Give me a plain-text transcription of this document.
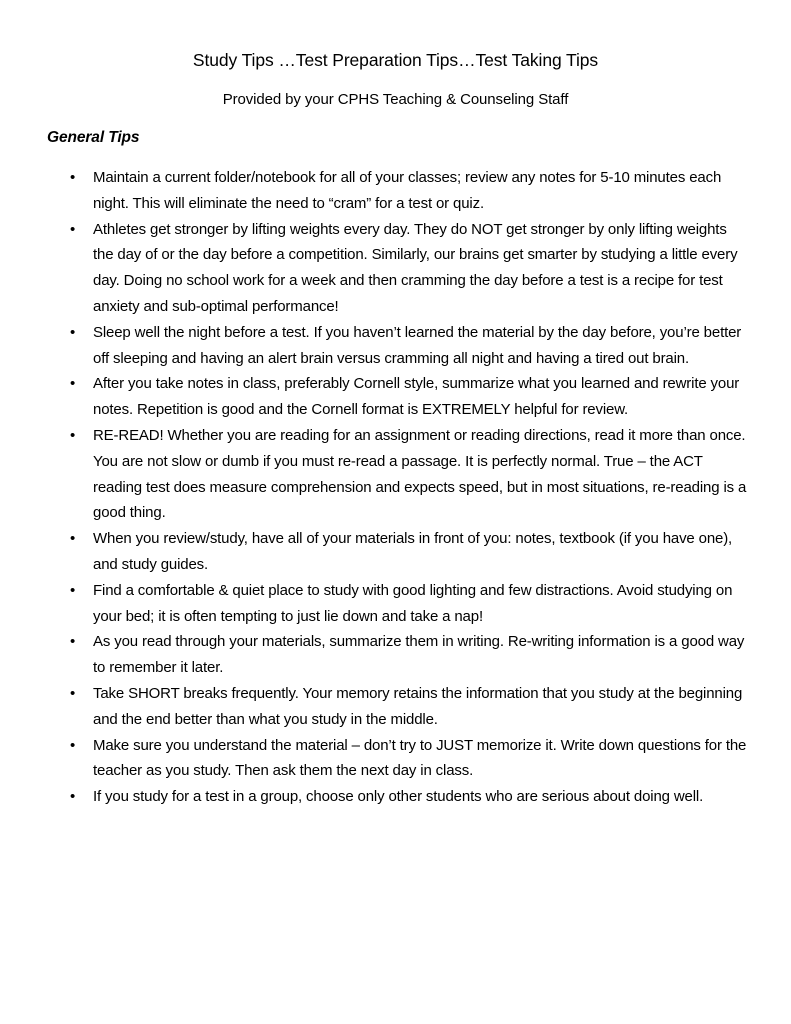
Study Tips …Test Preparation Tips…Test Taking Tips
Provided by your CPHS Teaching & Counseling Staff
General Tips
• Maintain a current folder/notebook for all of your classes; review any notes for 5-10 minutes each night. This will eliminate the need to “cram” for a test or quiz.
• Athletes get stronger by lifting weights every day. They do NOT get stronger by only lifting weights the day of or the day before a competition. Similarly, our brains get smarter by studying a little every day. Doing no school work for a week and then cramming the day before a test is a recipe for test anxiety and sub-optimal performance!
• Sleep well the night before a test. If you haven’t learned the material by the day before, you’re better off sleeping and having an alert brain versus cramming all night and having a tired out brain.
• After you take notes in class, preferably Cornell style, summarize what you learned and rewrite your notes. Repetition is good and the Cornell format is EXTREMELY helpful for review.
• RE-READ! Whether you are reading for an assignment or reading directions, read it more than once. You are not slow or dumb if you must re-read a passage. It is perfectly normal. True – the ACT reading test does measure comprehension and expects speed, but in most situations, re-reading is a good thing.
• When you review/study, have all of your materials in front of you: notes, textbook (if you have one), and study guides.
• Find a comfortable & quiet place to study with good lighting and few distractions. Avoid studying on your bed; it is often tempting to just lie down and take a nap!
• As you read through your materials, summarize them in writing. Re-writing information is a good way to remember it later.
• Take SHORT breaks frequently. Your memory retains the information that you study at the beginning and the end better than what you study in the middle.
• Make sure you understand the material – don’t try to JUST memorize it. Write down questions for the teacher as you study. Then ask them the next day in class.
• If you study for a test in a group, choose only other students who are serious about doing well.
